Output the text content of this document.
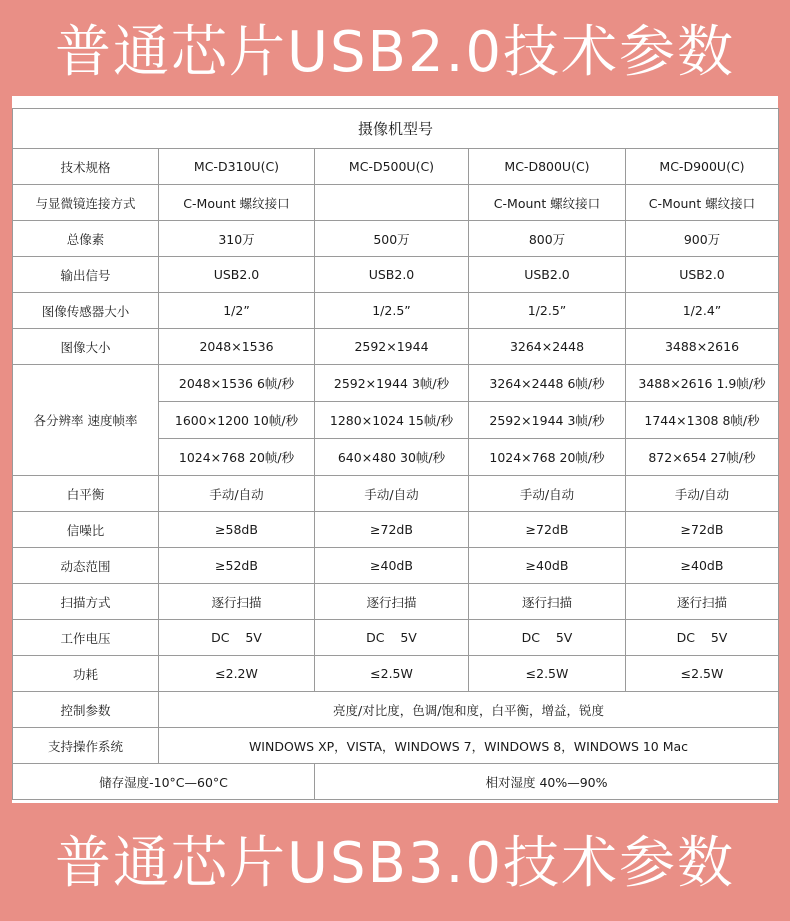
普通芯片USB2.0技术参数
摄像机型号				
技术规格	MC-D310U(C)	MC-D500U(C)	MC-D800U(C)	MC-D900U(C)
与显微镜连接方式	C-Mount 螺纹接口		C-Mount 螺纹接口	C-Mount 螺纹接口
总像素	310万	500万	800万	900万
输出信号	USB2.0	USB2.0	USB2.0	USB2.0
图像传感器大小	1/2”	1/2.5”	1/2.5”	1/2.4”
图像大小	2048×1536	2592×1944	3264×2448	3488×2616
各分辨率 速度帧率	2048×1536 6帧/秒	2592×1944 3帧/秒	3264×2448 6帧/秒	3488×2616 1.9帧/秒
	1600×1200 10帧/秒	1280×1024 15帧/秒	2592×1944 3帧/秒	1744×1308 8帧/秒
	1024×768 20帧/秒	640×480 30帧/秒	1024×768 20帧/秒	872×654 27帧/秒
白平衡	手动/自动	手动/自动	手动/自动	手动/自动
信噪比	≥58dB	≥72dB	≥72dB	≥72dB
动态范围	≥52dB	≥40dB	≥40dB	≥40dB
扫描方式	逐行扫描	逐行扫描	逐行扫描	逐行扫描
工作电压	DC    5V	DC    5V	DC    5V	DC    5V
功耗	≤2.2W	≤2.5W	≤2.5W	≤2.5W
控制参数	亮度/对比度，色调/饱和度，白平衡，增益，锐度			
支持操作系统	WINDOWS XP，VISTA，WINDOWS 7，WINDOWS 8，WINDOWS 10 Mac			
储存湿度-10°C—60°C		相对湿度 40%—90%		
普通芯片USB3.0技术参数
